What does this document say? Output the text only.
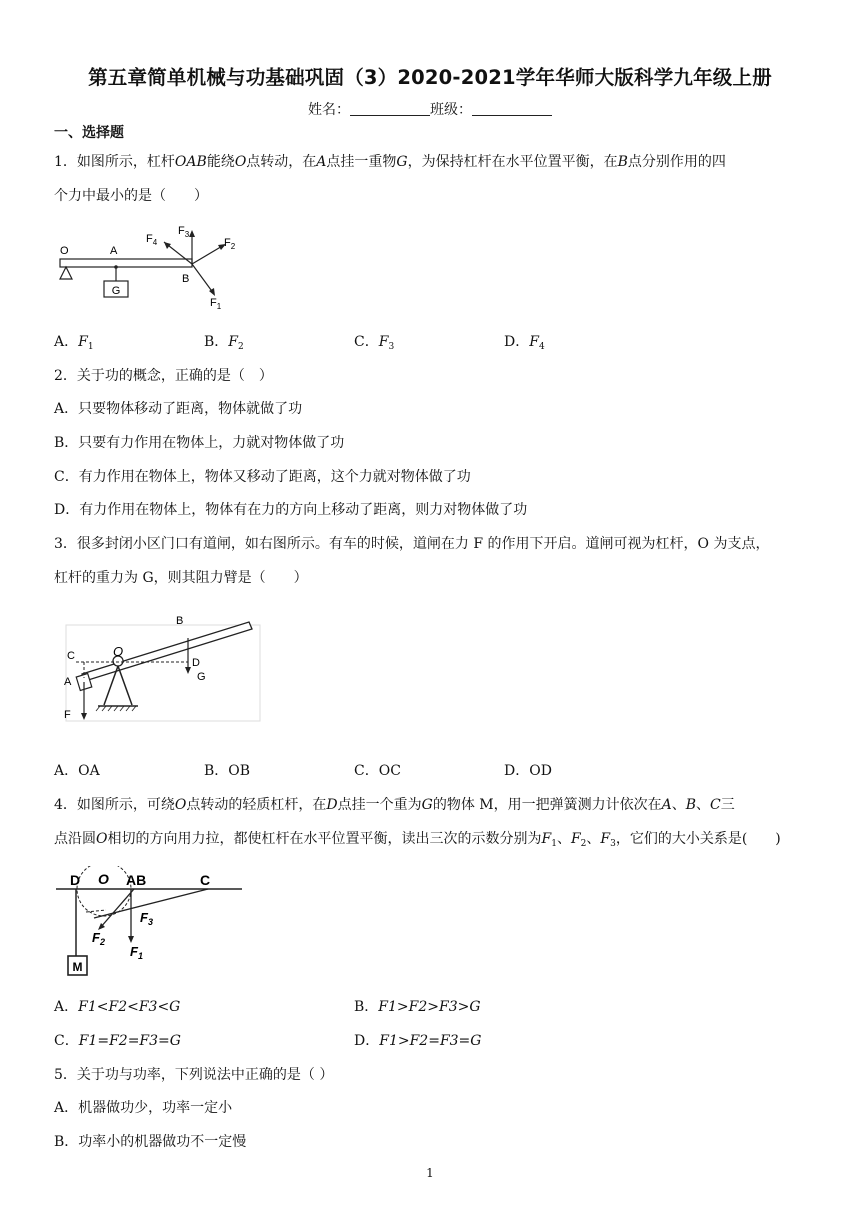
第五章简单机械与功基础巩固（3）2020-2021学年华师大版科学九年级上册
姓名：	班级：
一、选择题
1．如图所示，杠杆OAB能绕O点转动，在A点挂一重物G，为保持杠杆在水平位置平衡，在B点分别作用的四
个力中最小的是（　　）
G
O	A
B
$F_4$
$F_3$
$F_2$
$F_1$
A．$F_1$	B．$F_2$	C．$F_3$	D．$F_4$
2．关于功的概念，正确的是（　）
A．只要物体移动了距离，物体就做了功
B．只要有力作用在物体上，力就对物体做了功
C．有力作用在物体上，物体又移动了距离，这个力就对物体做了功
D．有力作用在物体上，物体有在力的方向上移动了距离，则力对物体做了功
3．很多封闭小区门口有道闸，如右图所示。有车的时候，道闸在力 F 的作用下开启。道闸可视为杠杆，O 为支点，
杠杆的重力为 G，则其阻力臂是（　　）
B
C	O
D
G
A
F
A．OA	B．OB	C．OC	D．OD
4．如图所示，可绕O点转动的轻质杠杆，在D点挂一个重为G的物体 M，用一把弹簧测力计依次在A、B、C三
点沿圆O相切的方向用力拉，都使杠杆在水平位置平衡，读出三次的示数分别为$F_1$、$F_2$、$F_3$，它们的大小关系是(　　)
M
D O AB	C
$F_3$
$F_2$
$F_1$
A．F1<F2<F3<G	B．F1>F2>F3>G
C．F1=F2=F3=G	D．F1>F2=F3=G
5．关于功与功率，下列说法中正确的是（ ）
A．机器做功少，功率一定小
B．功率小的机器做功不一定慢
1
